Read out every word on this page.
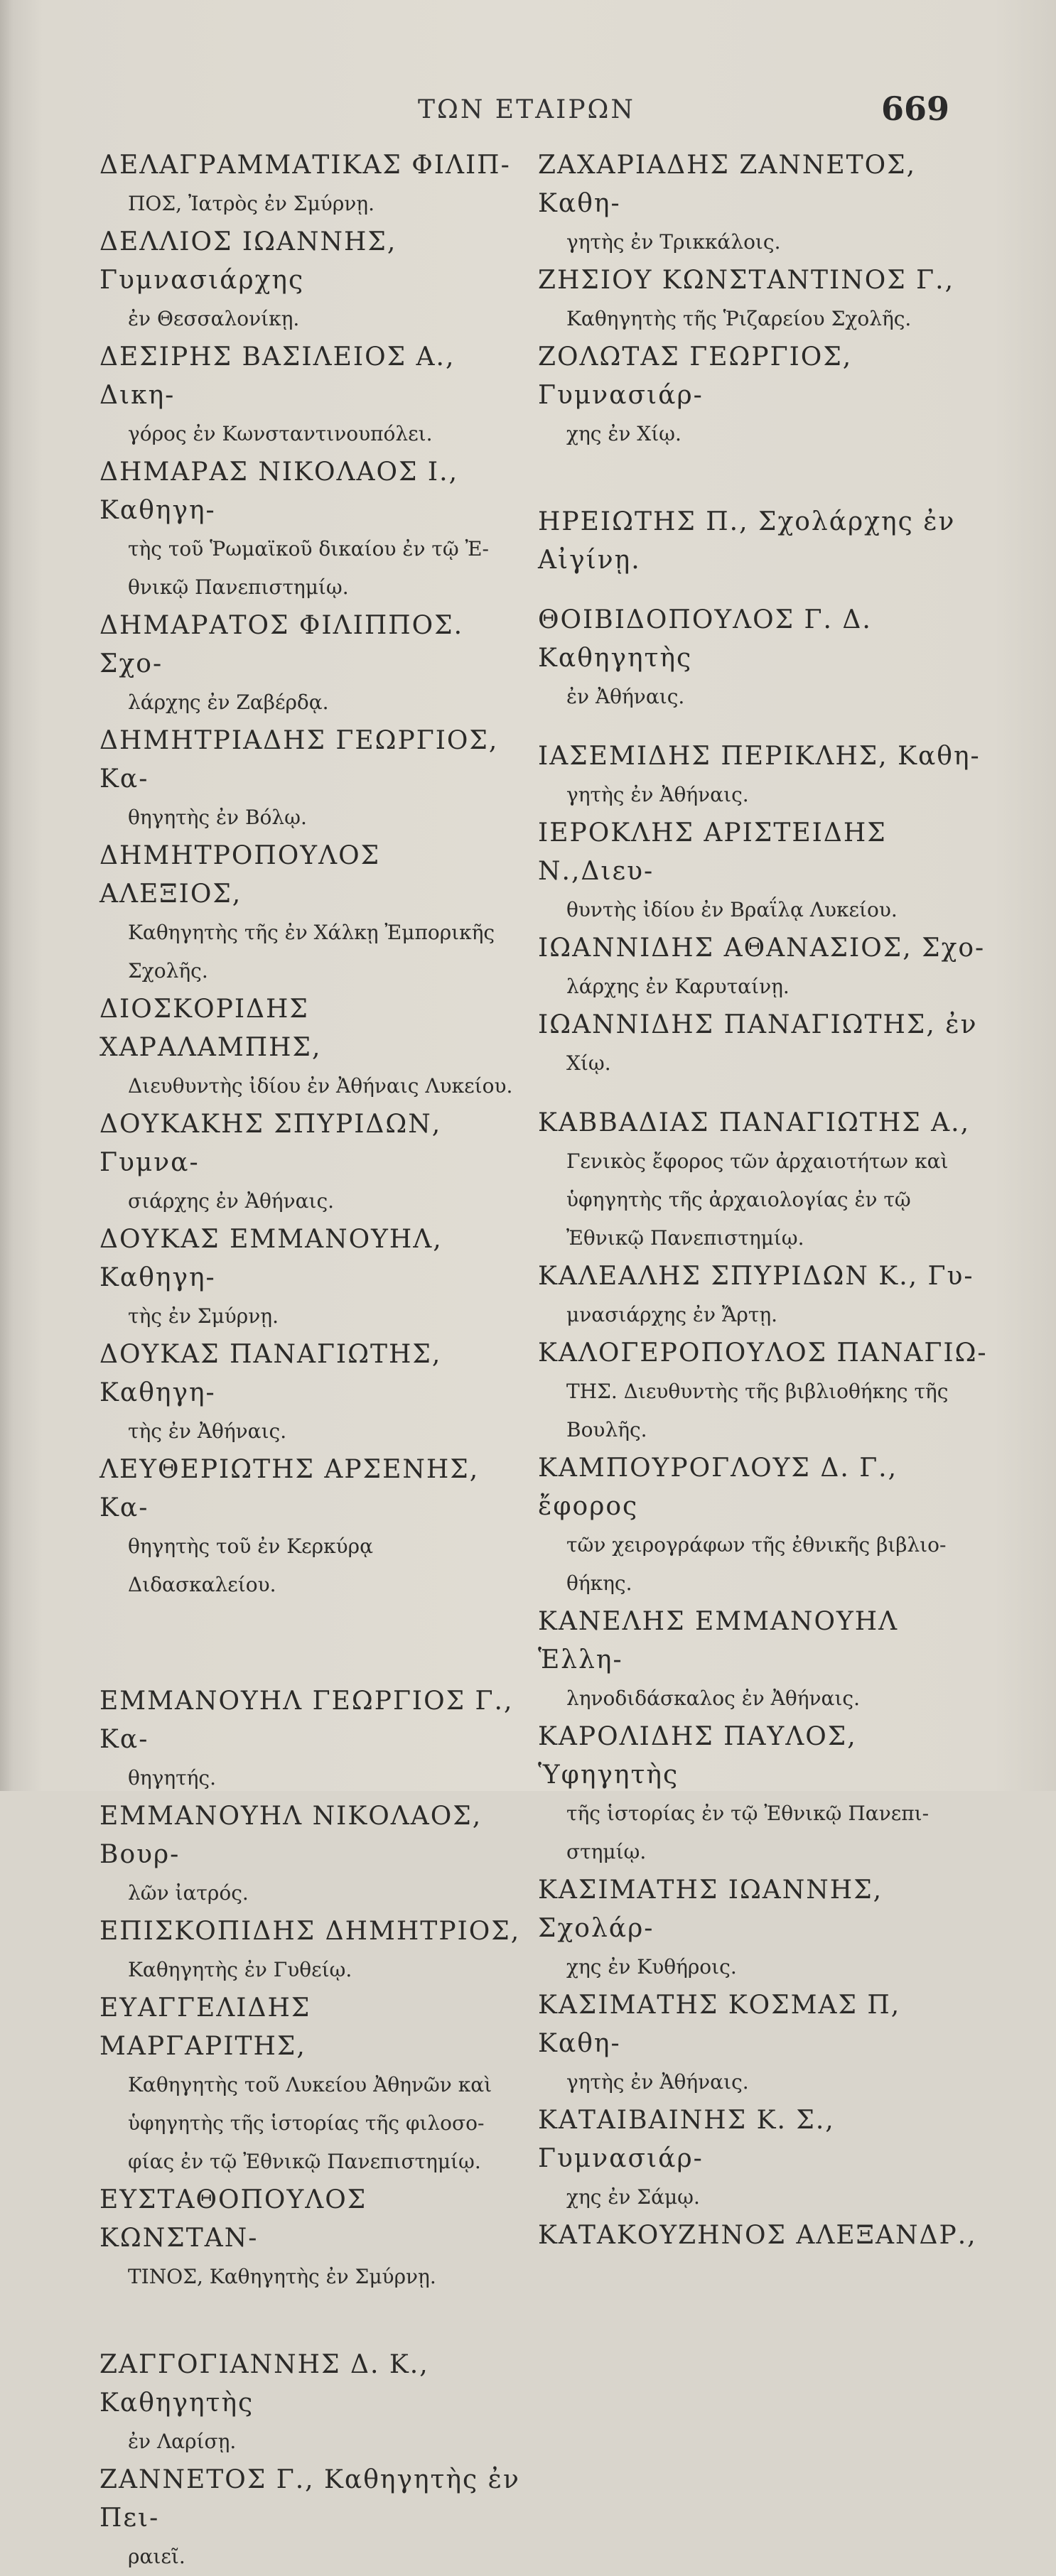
ΤΩΝ ΕΤΑΙΡΩΝ	669
ΔΕΛΑΓΡΑΜΜΑΤΙΚΑΣ ΦΙΛΙΠ-
ΠΟΣ, Ἰατρὸς ἐν Σμύρνῃ.
ΔΕΛΛΙΟΣ ΙΩΑΝΝΗΣ, Γυμνασιάρχης
ἐν Θεσσαλονίκῃ.
ΔΕΣΙΡΗΣ ΒΑΣΙΛΕΙΟΣ Α., Δικη-
γόρος ἐν Κωνσταντινουπόλει.
ΔΗΜΑΡΑΣ ΝΙΚΟΛΑΟΣ Ι., Καθηγη-
τὴς τοῦ Ῥωμαϊκοῦ δικαίου ἐν τῷ Ἐ- θνικῷ Πανεπιστημίῳ.
ΔΗΜΑΡΑΤΟΣ ΦΙΛΙΠΠΟΣ. Σχο-
λάρχης ἐν Ζαβέρδᾳ.
ΔΗΜΗΤΡΙΑΔΗΣ ΓΕΩΡΓΙΟΣ, Κα-
θηγητὴς ἐν Βόλῳ.
ΔΗΜΗΤΡΟΠΟΥΛΟΣ ΑΛΕΞΙΟΣ,
Καθηγητὴς τῆς ἐν Χάλκῃ Ἐμπορικῆς Σχολῆς.
ΔΙΟΣΚΟΡΙΔΗΣ ΧΑΡΑΛΑΜΠΗΣ,
Διευθυντὴς ἰδίου ἐν Ἀθήναις Λυκείου.
ΔΟΥΚΑΚΗΣ ΣΠΥΡΙΔΩΝ, Γυμνα-
σιάρχης ἐν Ἀθήναις.
ΔΟΥΚΑΣ ΕΜΜΑΝΟΥΗΛ, Καθηγη-
τὴς ἐν Σμύρνῃ.
ΔΟΥΚΑΣ ΠΑΝΑΓΙΩΤΗΣ, Καθηγη-
τὴς ἐν Ἀθήναις.
ΛΕΥΘΕΡΙΩΤΗΣ ΑΡΣΕΝΗΣ, Κα-
θηγητὴς τοῦ ἐν Κερκύρᾳ Διδασκαλείου.
ΕΜΜΑΝΟΥΗΛ ΓΕΩΡΓΙΟΣ Γ., Κα-
θηγητής.
ΕΜΜΑΝΟΥΗΛ ΝΙΚΟΛΑΟΣ, Βουρ-
λῶν ἰατρός.
ΕΠΙΣΚΟΠΙΔΗΣ ΔΗΜΗΤΡΙΟΣ,
Καθηγητὴς ἐν Γυθείῳ.
ΕΥΑΓΓΕΛΙΔΗΣ ΜΑΡΓΑΡΙΤΗΣ,
Καθηγητὴς τοῦ Λυκείου Ἀθηνῶν καὶ ὑφηγητὴς τῆς ἱστορίας τῆς φιλοσο- φίας ἐν τῷ Ἐθνικῷ Πανεπιστημίῳ.
ΕΥΣΤΑΘΟΠΟΥΛΟΣ ΚΩΝΣΤΑΝ-
ΤΙΝΟΣ, Καθηγητὴς ἐν Σμύρνῃ.
ΖΑΓΓΟΓΙΑΝΝΗΣ Δ. Κ., Καθηγητὴς
ἐν Λαρίσῃ.
ΖΑΝΝΕΤΟΣ Γ., Καθηγητὴς ἐν Πει-
ραιεῖ.
ΖΑΧΑΡΙΑΔΗΣ ΖΑΝΝΕΤΟΣ, Καθη-
γητὴς ἐν Τρικκάλοις.
ΖΗΣΙΟΥ ΚΩΝΣΤΑΝΤΙΝΟΣ Γ.,
Καθηγητὴς τῆς Ῥιζαρείου Σχολῆς.
ΖΟΛΩΤΑΣ ΓΕΩΡΓΙΟΣ, Γυμνασιάρ-
χης ἐν Χίῳ.
ΗΡΕΙΩΤΗΣ Π., Σχολάρχης ἐν Αἰγίνῃ.
ΘΟΙΒΙΔΟΠΟΥΛΟΣ Γ. Δ. Καθηγητὴς
ἐν Ἀθήναις.
ΙΑΣΕΜΙΔΗΣ ΠΕΡΙΚΛΗΣ, Καθη-
γητὴς ἐν Ἀθήναις.
ΙΕΡΟΚΛΗΣ ΑΡΙΣΤΕΙΔΗΣ Ν.,Διευ-
θυντὴς ἰδίου ἐν Βραΐλᾳ Λυκείου.
ΙΩΑΝΝΙΔΗΣ ΑΘΑΝΑΣΙΟΣ, Σχο-
λάρχης ἐν Καρυταίνῃ.
ΙΩΑΝΝΙΔΗΣ ΠΑΝΑΓΙΩΤΗΣ, ἐν
Χίῳ.
ΚΑΒΒΑΔΙΑΣ ΠΑΝΑΓΙΩΤΗΣ Α.,
Γενικὸς ἔφορος τῶν ἀρχαιοτήτων καὶ ὑφηγητὴς τῆς ἀρχαιολογίας ἐν τῷ Ἐθνικῷ Πανεπιστημίῳ.
ΚΑΛΕΑΛΗΣ ΣΠΥΡΙΔΩΝ Κ., Γυ-
μνασιάρχης ἐν Ἄρτῃ.
ΚΑΛΟΓΕΡΟΠΟΥΛΟΣ ΠΑΝΑΓΙΩ-
ΤΗΣ. Διευθυντὴς τῆς βιβλιοθήκης τῆς Βουλῆς.
ΚΑΜΠΟΥΡΟΓΛΟΥΣ Δ. Γ., ἔφορος
τῶν χειρογράφων τῆς ἐθνικῆς βιβλιο- θήκης.
ΚΑΝΕΛΗΣ ΕΜΜΑΝΟΥΗΛ Ἑλλη-
ληνοδιδάσκαλος ἐν Ἀθήναις.
ΚΑΡΟΛΙΔΗΣ ΠΑΥΛΟΣ, Ὑφηγητὴς
τῆς ἱστορίας ἐν τῷ Ἐθνικῷ Πανεπι- στημίῳ.
ΚΑΣΙΜΑΤΗΣ ΙΩΑΝΝΗΣ, Σχολάρ-
χης ἐν Κυθήροις.
ΚΑΣΙΜΑΤΗΣ ΚΟΣΜΑΣ Π, Καθη-
γητὴς ἐν Ἀθήναις.
ΚΑΤΑΙΒΑΙΝΗΣ Κ. Σ., Γυμνασιάρ-
χης ἐν Σάμῳ.
ΚΑΤΑΚΟΥΖΗΝΟΣ ΑΛΕΞΑΝΔΡ.,
